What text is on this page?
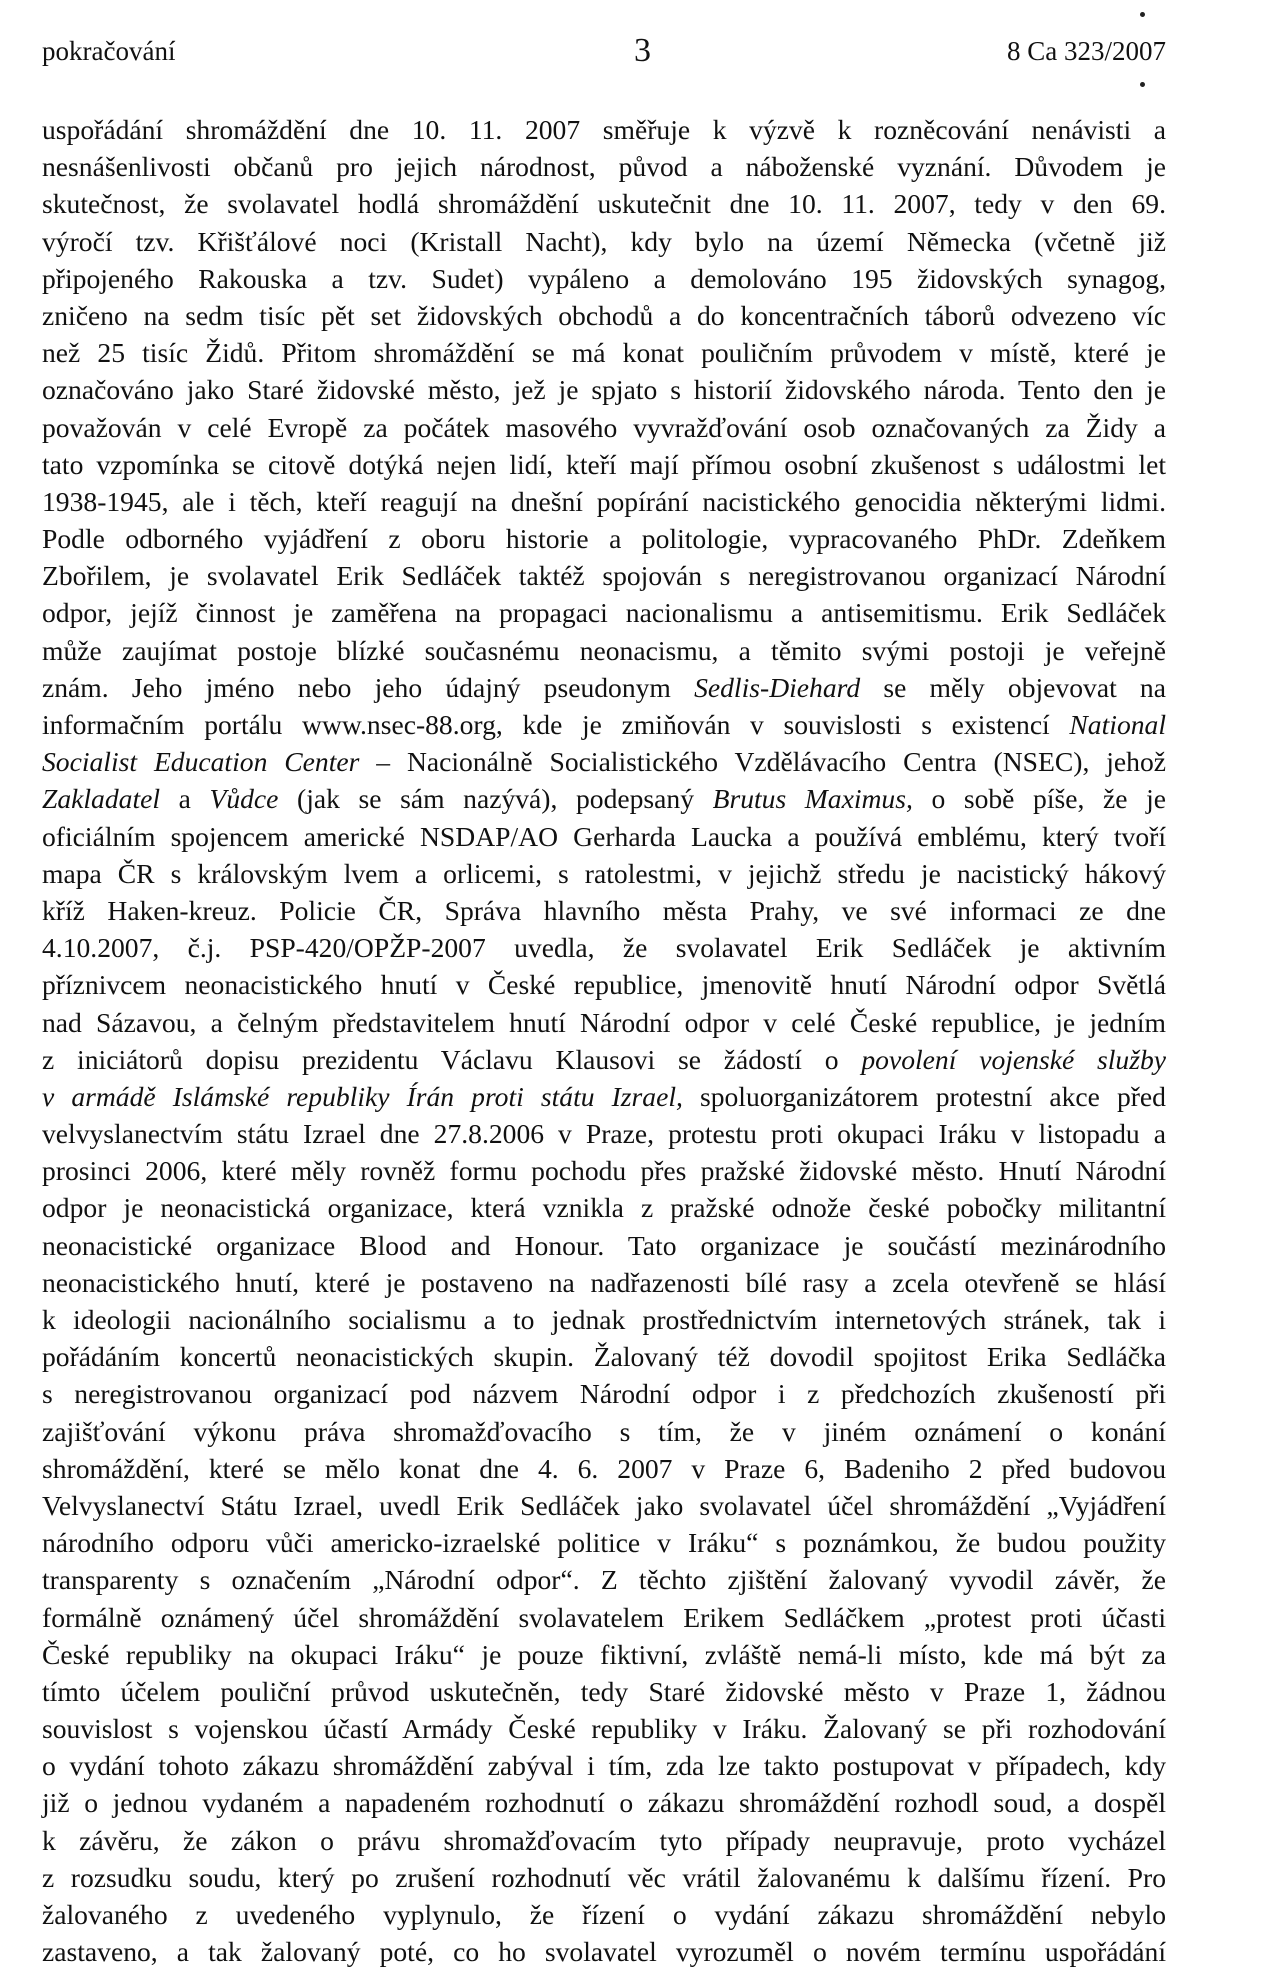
pokračování	3	8 Ca 323/2007
uspořádání shromáždění dne 10. 11. 2007 směřuje k výzvě k rozněcování nenávisti a
nesnášenlivosti občanů pro jejich národnost, původ a náboženské vyznání. Důvodem je
skutečnost, že svolavatel hodlá shromáždění uskutečnit dne 10. 11. 2007, tedy v den 69.
výročí tzv. Křišťálové noci (Kristall Nacht), kdy bylo na území Německa (včetně již
připojeného Rakouska a tzv. Sudet) vypáleno a demolováno 195 židovských synagog,
zničeno na sedm tisíc pět set židovských obchodů a do koncentračních táborů odvezeno víc
než 25 tisíc Židů. Přitom shromáždění se má konat pouličním průvodem v místě, které je
označováno jako Staré židovské město, jež je spjato s historií židovského národa. Tento den je
považován v celé Evropě za počátek masového vyvražďování osob označovaných za Židy a
tato vzpomínka se citově dotýká nejen lidí, kteří mají přímou osobní zkušenost s událostmi let
1938-1945, ale i těch, kteří reagují na dnešní popírání nacistického genocidia některými lidmi.
Podle odborného vyjádření z oboru historie a politologie, vypracovaného PhDr. Zdeňkem
Zbořilem, je svolavatel Erik Sedláček taktéž spojován s neregistrovanou organizací Národní
odpor, jejíž činnost je zaměřena na propagaci nacionalismu a antisemitismu. Erik Sedláček
může zaujímat postoje blízké současnému neonacismu, a těmito svými postoji je veřejně
znám. Jeho jméno nebo jeho údajný pseudonym Sedlis-Diehard se měly objevovat na
informačním portálu www.nsec-88.org, kde je zmiňován v souvislosti s existencí National
Socialist Education Center – Nacionálně Socialistického Vzdělávacího Centra (NSEC), jehož
Zakladatel a Vůdce (jak se sám nazývá), podepsaný Brutus Maximus, o sobě píše, že je
oficiálním spojencem americké NSDAP/AO Gerharda Laucka a používá emblému, který tvoří
mapa ČR s královským lvem a orlicemi, s ratolestmi, v jejichž středu je nacistický hákový
kříž Haken-kreuz. Policie ČR, Správa hlavního města Prahy, ve své informaci ze dne
4.10.2007, č.j. PSP-420/OPŽP-2007 uvedla, že svolavatel Erik Sedláček je aktivním
příznivcem neonacistického hnutí v České republice, jmenovitě hnutí Národní odpor Světlá
nad Sázavou, a čelným představitelem hnutí Národní odpor v celé České republice, je jedním
z iniciátorů dopisu prezidentu Václavu Klausovi se žádostí o povolení vojenské služby
v armádě Islámské republiky Írán proti státu Izrael, spoluorganizátorem protestní akce před
velvyslanectvím státu Izrael dne 27.8.2006 v Praze, protestu proti okupaci Iráku v listopadu a
prosinci 2006, které měly rovněž formu pochodu přes pražské židovské město. Hnutí Národní
odpor je neonacistická organizace, která vznikla z pražské odnože české pobočky militantní
neonacistické organizace Blood and Honour. Tato organizace je součástí mezinárodního
neonacistického hnutí, které je postaveno na nadřazenosti bílé rasy a zcela otevřeně se hlásí
k ideologii nacionálního socialismu a to jednak prostřednictvím internetových stránek, tak i
pořádáním koncertů neonacistických skupin. Žalovaný též dovodil spojitost Erika Sedláčka
s neregistrovanou organizací pod názvem Národní odpor i z předchozích zkušeností při
zajišťování výkonu práva shromažďovacího s tím, že v jiném oznámení o konání
shromáždění, které se mělo konat dne 4. 6. 2007 v Praze 6, Badeniho 2 před budovou
Velvyslanectví Státu Izrael, uvedl Erik Sedláček jako svolavatel účel shromáždění „Vyjádření
národního odporu vůči americko-izraelské politice v Iráku“ s poznámkou, že budou použity
transparenty s označením „Národní odpor“. Z těchto zjištění žalovaný vyvodil závěr, že
formálně oznámený účel shromáždění svolavatelem Erikem Sedláčkem „protest proti účasti
České republiky na okupaci Iráku“ je pouze fiktivní, zvláště nemá-li místo, kde má být za
tímto účelem pouliční průvod uskutečněn, tedy Staré židovské město v Praze 1, žádnou
souvislost s vojenskou účastí Armády České republiky v Iráku. Žalovaný se při rozhodování
o vydání tohoto zákazu shromáždění zabýval i tím, zda lze takto postupovat v případech, kdy
již o jednou vydaném a napadeném rozhodnutí o zákazu shromáždění rozhodl soud, a dospěl
k závěru, že zákon o právu shromažďovacím tyto případy neupravuje, proto vycházel
z rozsudku soudu, který po zrušení rozhodnutí věc vrátil žalovanému k dalšímu řízení. Pro
žalovaného z uvedeného vyplynulo, že řízení o vydání zákazu shromáždění nebylo
zastaveno, a tak žalovaný poté, co ho svolavatel vyrozuměl o novém termínu uspořádání
